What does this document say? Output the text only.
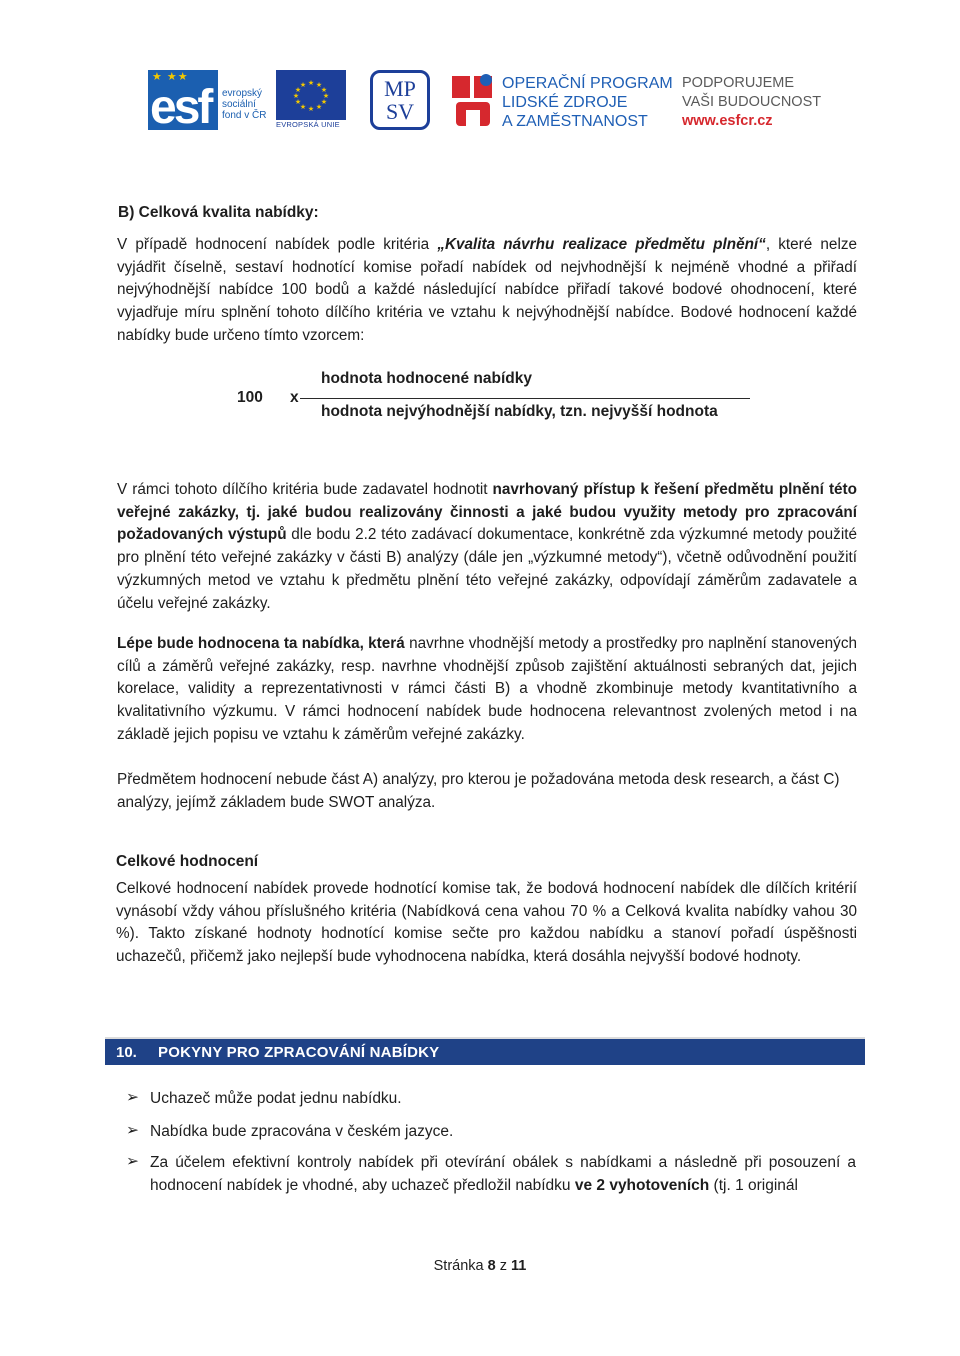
★ ★★
esf evropský
sociální
fond v ČR
★ ★
★
★
★
★
★
★
★
★
★
★
EVROPSKÁ UNIE
MP
SV
OPERAČNÍ PROGRAM
LIDSKÉ ZDROJE
A ZAMĚSTNANOST
PODPORUJEME
VAŠI BUDOUCNOST
www.esfcr.cz
B) Celková kvalita nabídky:
V případě hodnocení nabídek podle kritéria „Kvalita návrhu realizace předmětu plnění“, které nelze vyjádřit číselně, sestaví hodnotící komise pořadí nabídek od nejvhodnější k nejméně vhodné a přiřadí nejvýhodnější nabídce 100 bodů a každé následující nabídce přiřadí takové bodové ohodnocení, které vyjadřuje míru splnění tohoto dílčího kritéria ve vztahu k nejvýhodnější nabídce. Bodové hodnocení každé nabídky bude určeno tímto vzorcem:
100 x
hodnota hodnocené nabídky
hodnota nejvýhodnější nabídky, tzn. nejvyšší hodnota
V rámci tohoto dílčího kritéria bude zadavatel hodnotit navrhovaný přístup k řešení předmětu plnění této veřejné zakázky, tj. jaké budou realizovány činnosti a jaké budou využity metody pro zpracování požadovaných výstupů dle bodu 2.2 této zadávací dokumentace, konkrétně zda výzkumné metody použité pro plnění této veřejné zakázky v části B) analýzy (dále jen „výzkumné metody“), včetně odůvodnění použití výzkumných metod ve vztahu k předmětu plnění této veřejné zakázky, odpovídají záměrům zadavatele a účelu veřejné zakázky.
Lépe bude hodnocena ta nabídka, která navrhne vhodnější metody a prostředky pro naplnění stanovených cílů a záměrů veřejné zakázky, resp. navrhne vhodnější způsob zajištění aktuálnosti sebraných dat, jejich korelace, validity a reprezentativnosti v rámci části B) a vhodně zkombinuje metody kvantitativního a kvalitativního výzkumu. V rámci hodnocení nabídek bude hodnocena relevantnost zvolených metod i na základě jejich popisu ve vztahu k záměrům veřejné zakázky.
Předmětem hodnocení nebude část A) analýzy, pro kterou je požadována metoda desk research, a část C) analýzy, jejímž základem bude SWOT analýza.
Celkové hodnocení
Celkové hodnocení nabídek provede hodnotící komise tak, že bodová hodnocení nabídek dle dílčích kritérií vynásobí vždy váhou příslušného kritéria (Nabídková cena vahou 70 % a Celková kvalita nabídky vahou 30 %). Takto získané hodnoty hodnotící komise sečte pro každou nabídku a stanoví pořadí úspěšnosti uchazečů, přičemž jako nejlepší bude vyhodnocena nabídka, která dosáhla nejvyšší bodové hodnoty.
10. POKYNY PRO ZPRACOVÁNÍ NABÍDKY
➢ Uchazeč může podat jednu nabídku.
➢ Nabídka bude zpracována v českém jazyce.
➢ Za účelem efektivní kontroly nabídek při otevírání obálek s nabídkami a následně při posouzení a hodnocení nabídek je vhodné, aby uchazeč předložil nabídku ve 2 vyhotoveních (tj. 1 originál
Stránka 8 z 11
